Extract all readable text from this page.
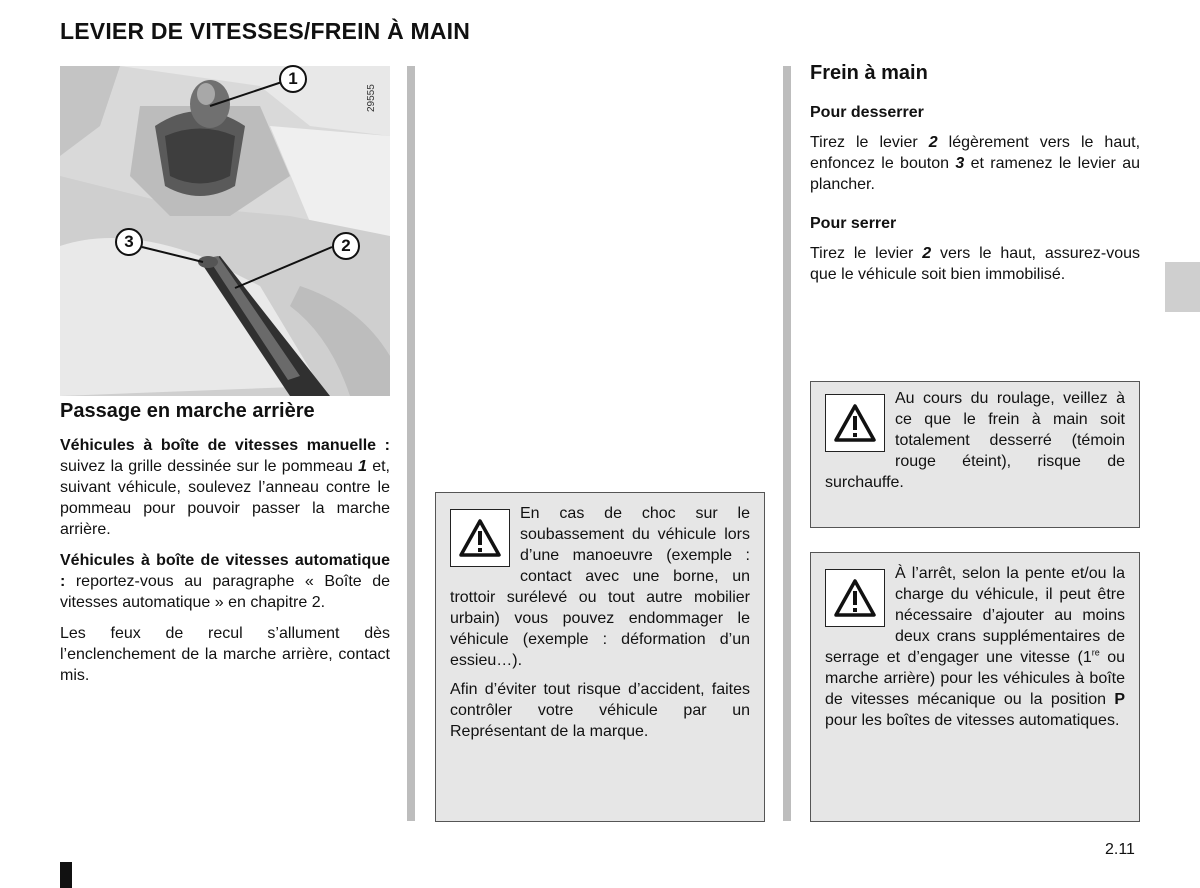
LEVIER DE VITESSES/FREIN À MAIN
29555
1
3	2
Passage en marche arrière

Véhicules à boîte de vitesses manuelle : suivez la grille dessinée sur le pommeau 1 et, suivant véhicule, soulevez l’anneau contre le pommeau pour pouvoir passer la marche arrière.

Véhicules à boîte de vitesses automatique : reportez-vous au paragraphe « Boîte de vitesses automatique » en chapitre 2.

Les feux de recul s’allument dès l’enclenchement de la marche arrière, contact mis.

En cas de choc sur le soubassement du véhicule lors d’une manoeuvre (exemple : contact avec une borne, un trottoir surélevé ou tout autre mobilier urbain) vous pouvez endommager le véhicule (exemple : déformation d’un essieu…).

Afin d’éviter tout risque d’accident, faites contrôler votre véhicule par un Représentant de la marque.

Frein à main

Pour desserrer

Tirez le levier 2 légèrement vers le haut, enfoncez le bouton 3 et ramenez le levier au plancher.

Pour serrer

Tirez le levier 2 vers le haut, assurez-vous que le véhicule soit bien immobilisé.

Au cours du roulage, veillez à ce que le frein à main soit totalement desserré (témoin rouge éteint), risque de surchauffe.

À l’arrêt, selon la pente et/ou la charge du véhicule, il peut être nécessaire d’ajouter au moins deux crans supplémentaires de serrage et d’engager une vitesse (1re ou marche arrière) pour les véhicules à boîte de vitesses mécanique ou la position P pour les boîtes de vitesses automatiques.

2.11
